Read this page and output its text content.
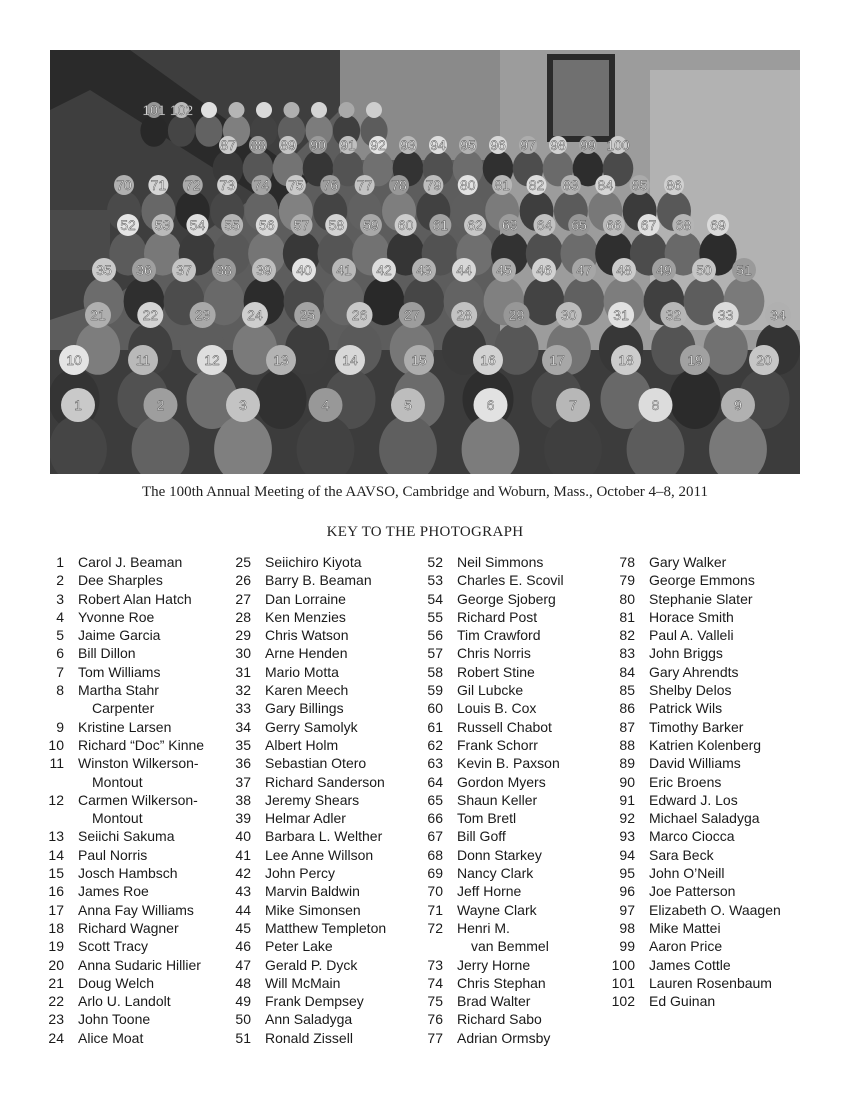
1	2	3	4	5	6	7	8	9
10	11	12	13	14	15	16	17	18	19	20
21	22	23	24	25	26	27	28	29	30	31	32	33	34
35 36 37 38 39 40 41 42 43 44 45 46 47 48 49 50 51
52 53 54 55 56 57 58 59 60 61 62 63 64 65 66 67 68 69
70 71 72 73 74 75 76 77 78 79 80 81 82 83 84 85 86
87 88 89 90 91 92 93 94 95 96 97 98 99 100
101 102
The 100th Annual Meeting of the AAVSO, Cambridge and Woburn, Mass., October 4–8, 2011
KEY TO THE PHOTOGRAPH
1 Carol J. Beaman
2 Dee Sharples
3 Robert Alan Hatch
4 Yvonne Roe
5 Jaime Garcia
6 Bill Dillon
7 Tom Williams
8 Martha Stahr
Carpenter
9 Kristine Larsen
10 Richard “Doc” Kinne
11 Winston Wilkerson-
Montout
12 Carmen Wilkerson-
Montout
13 Seiichi Sakuma
14 Paul Norris
15 Josch Hambsch
16 James Roe
17 Anna Fay Williams
18 Richard Wagner
19 Scott Tracy
20 Anna Sudaric Hillier
21 Doug Welch
22 Arlo U. Landolt
23 John Toone
24 Alice Moat
25 Seiichiro Kiyota
26 Barry B. Beaman
27 Dan Lorraine
28 Ken Menzies
29 Chris Watson
30 Arne Henden
31 Mario Motta
32 Karen Meech
33 Gary Billings
34 Gerry Samolyk
35 Albert Holm
36 Sebastian Otero
37 Richard Sanderson
38 Jeremy Shears
39 Helmar Adler
40 Barbara L. Welther
41 Lee Anne Willson
42 John Percy
43 Marvin Baldwin
44 Mike Simonsen
45 Matthew Templeton
46 Peter Lake
47 Gerald P. Dyck
48 Will McMain
49 Frank Dempsey
50 Ann Saladyga
51 Ronald Zissell
52 Neil Simmons
53 Charles E. Scovil
54 George Sjoberg
55 Richard Post
56 Tim Crawford
57 Chris Norris
58 Robert Stine
59 Gil Lubcke
60 Louis B. Cox
61 Russell Chabot
62 Frank Schorr
63 Kevin B. Paxson
64 Gordon Myers
65 Shaun Keller
66 Tom Bretl
67 Bill Goff
68 Donn Starkey
69 Nancy Clark
70 Jeff Horne
71 Wayne Clark
72 Henri M.
van Bemmel
73 Jerry Horne
74 Chris Stephan
75 Brad Walter
76 Richard Sabo
77 Adrian Ormsby
78 Gary Walker
79 George Emmons
80 Stephanie Slater
81 Horace Smith
82 Paul A. Valleli
83 John Briggs
84 Gary Ahrendts
85 Shelby Delos
86 Patrick Wils
87 Timothy Barker
88 Katrien Kolenberg
89 David Williams
90 Eric Broens
91 Edward J. Los
92 Michael Saladyga
93 Marco Ciocca
94 Sara Beck
95 John O’Neill
96 Joe Patterson
97 Elizabeth O. Waagen
98 Mike Mattei
99 Aaron Price
100 James Cottle
101 Lauren Rosenbaum
102 Ed Guinan
